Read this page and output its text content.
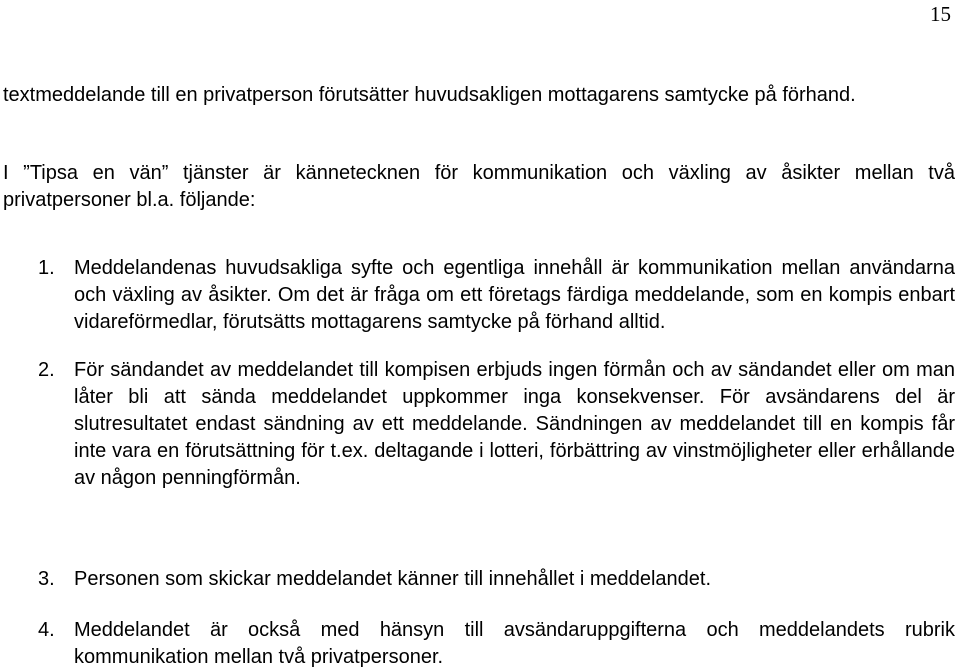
15
textmeddelande till en privatperson förutsätter huvudsakligen mottagarens samtycke på förhand.
I ”Tipsa en vän” tjänster är kännetecknen för kommunikation och växling av åsikter mellan två privatpersoner bl.a. följande:
1. Meddelandenas huvudsakliga syfte och egentliga innehåll är kommunikation mellan användarna och växling av åsikter. Om det är fråga om ett företags färdiga meddelande, som en kompis enbart vidareförmedlar, förutsätts mottagarens samtycke på förhand alltid.
2. För sändandet av meddelandet till kompisen erbjuds ingen förmån och av sändandet eller om man låter bli att sända meddelandet uppkommer inga konsekvenser. För avsändarens del är slutresultatet endast sändning av ett meddelande. Sändningen av meddelandet till en kompis får inte vara en förutsättning för t.ex. deltagande i lotteri, förbättring av vinstmöjligheter eller erhållande av någon penningförmån.
3. Personen som skickar meddelandet känner till innehållet i meddelandet.
4. Meddelandet är också med hänsyn till avsändaruppgifterna och meddelandets rubrik kommunikation mellan två privatpersoner.
